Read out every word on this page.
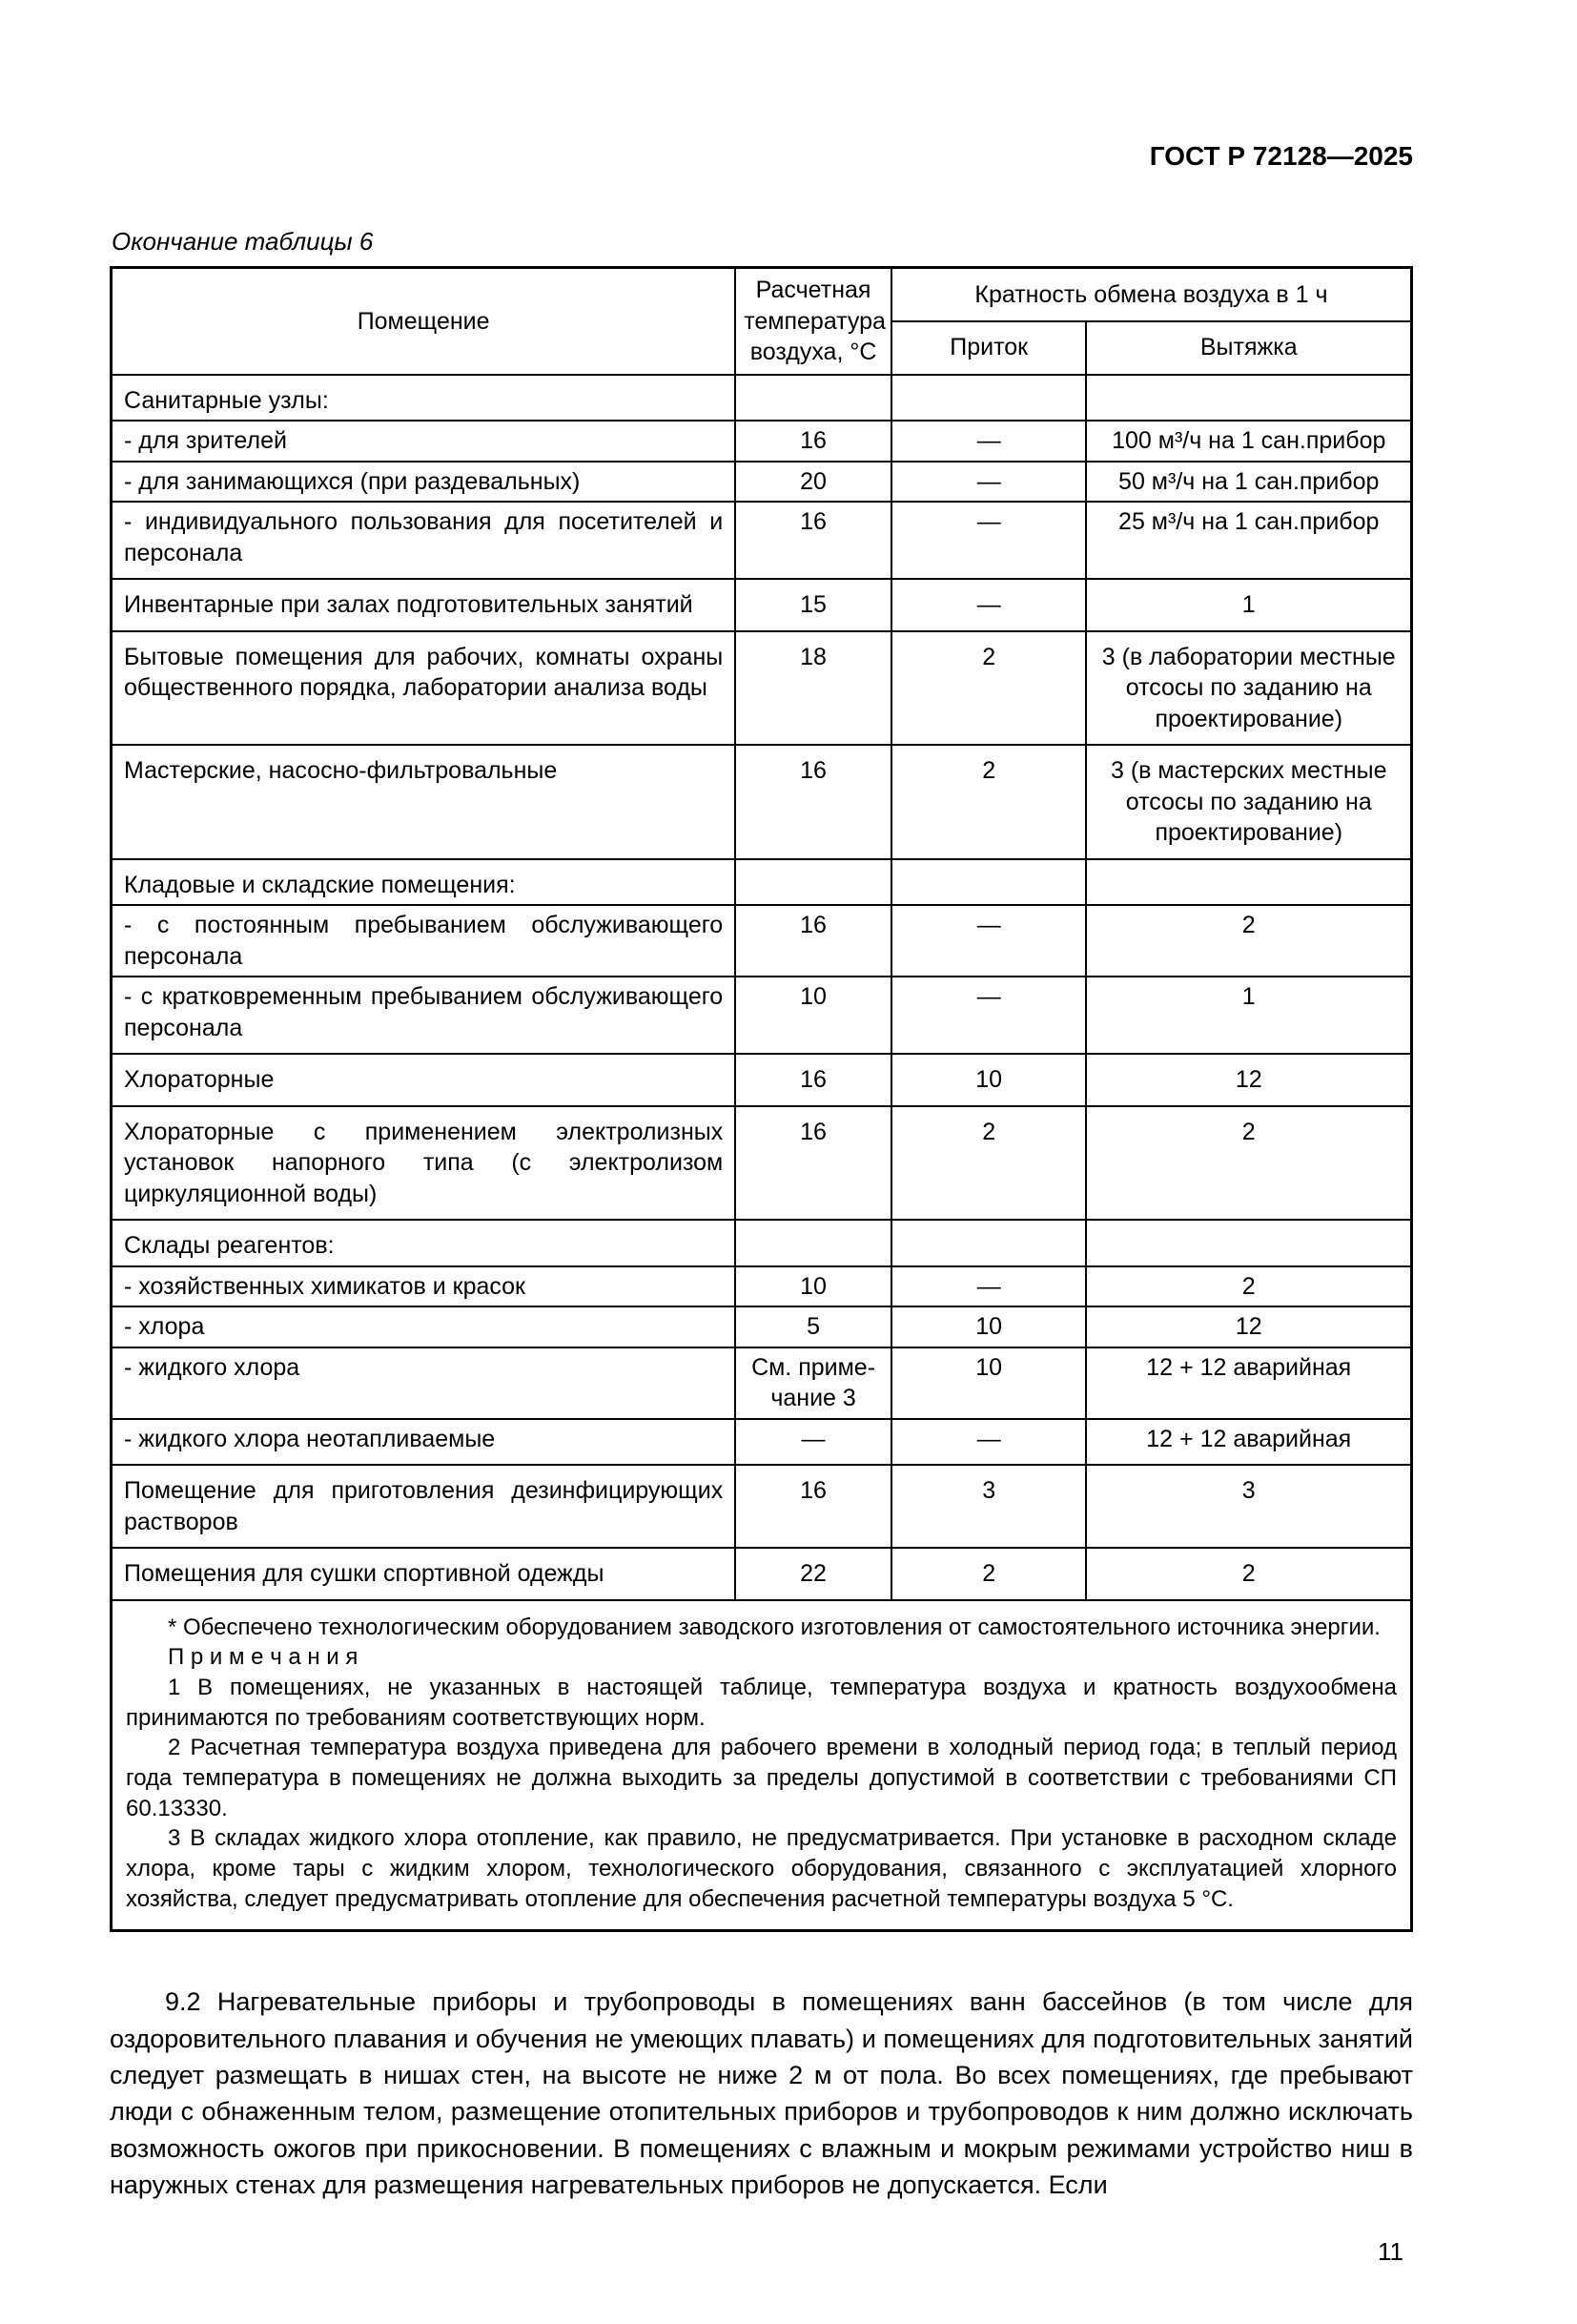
ГОСТ Р 72128—2025
Окончание таблицы 6
Помещение	Расчетная температура воздуха, °С	Кратность обмена воздуха в 1 ч	
		Приток	Вытяжка
Санитарные узлы:			
- для зрителей	16	—	100 м³/ч на 1 сан.прибор
- для занимающихся (при раздевальных)	20	—	50 м³/ч на 1 сан.прибор
- индивидуального пользования для посетителей и персонала	16	—	25 м³/ч на 1 сан.прибор
Инвентарные при залах подготовительных занятий	15	—	1
Бытовые помещения для рабочих, комнаты охраны общественного порядка, лаборатории анализа воды	18	2	3 (в лаборатории местные отсосы по заданию на проектирование)
Мастерские, насосно-фильтровальные	16	2	3 (в мастерских местные отсосы по заданию на проектирование)
Кладовые и складские помещения:			
- с постоянным пребыванием обслуживающего персонала	16	—	2
- с кратковременным пребыванием обслуживающего персонала	10	—	1
Хлораторные	16	10	12
Хлораторные с применением электролизных установок напорного типа (с электролизом циркуляционной воды)	16	2	2
Склады реагентов:			
- хозяйственных химикатов и красок	10	—	2
- хлора	5	10	12
- жидкого хлора	См. примечание 3	10	12 + 12 аварийная
- жидкого хлора неотапливаемые	—	—	12 + 12 аварийная
Помещение для приготовления дезинфицирующих растворов	16	3	3
Помещения для сушки спортивной одежды	22	2	2

* Обеспечено технологическим оборудованием заводского изготовления от самостоятельного источника энергии.
П р и м е ч а н и я
1 В помещениях, не указанных в настоящей таблице, температура воздуха и кратность воздухообмена принимаются по требованиям соответствующих норм.
2 Расчетная температура воздуха приведена для рабочего времени в холодный период года; в теплый период года температура в помещениях не должна выходить за пределы допустимой в соответствии с требованиями СП 60.13330.
3 В складах жидкого хлора отопление, как правило, не предусматривается. При установке в расходном складе хлора, кроме тары с жидким хлором, технологического оборудования, связанного с эксплуатацией хлорного хозяйства, следует предусматривать отопление для обеспечения расчетной температуры воздуха 5 °С.			
9.2 Нагревательные приборы и трубопроводы в помещениях ванн бассейнов (в том числе для оздоровительного плавания и обучения не умеющих плавать) и помещениях для подготовительных занятий следует размещать в нишах стен, на высоте не ниже 2 м от пола. Во всех помещениях, где пребывают люди с обнаженным телом, размещение отопительных приборов и трубопроводов к ним должно исключать возможность ожогов при прикосновении. В помещениях с влажным и мокрым режимами устройство ниш в наружных стенах для размещения нагревательных приборов не допускается. Если
11
